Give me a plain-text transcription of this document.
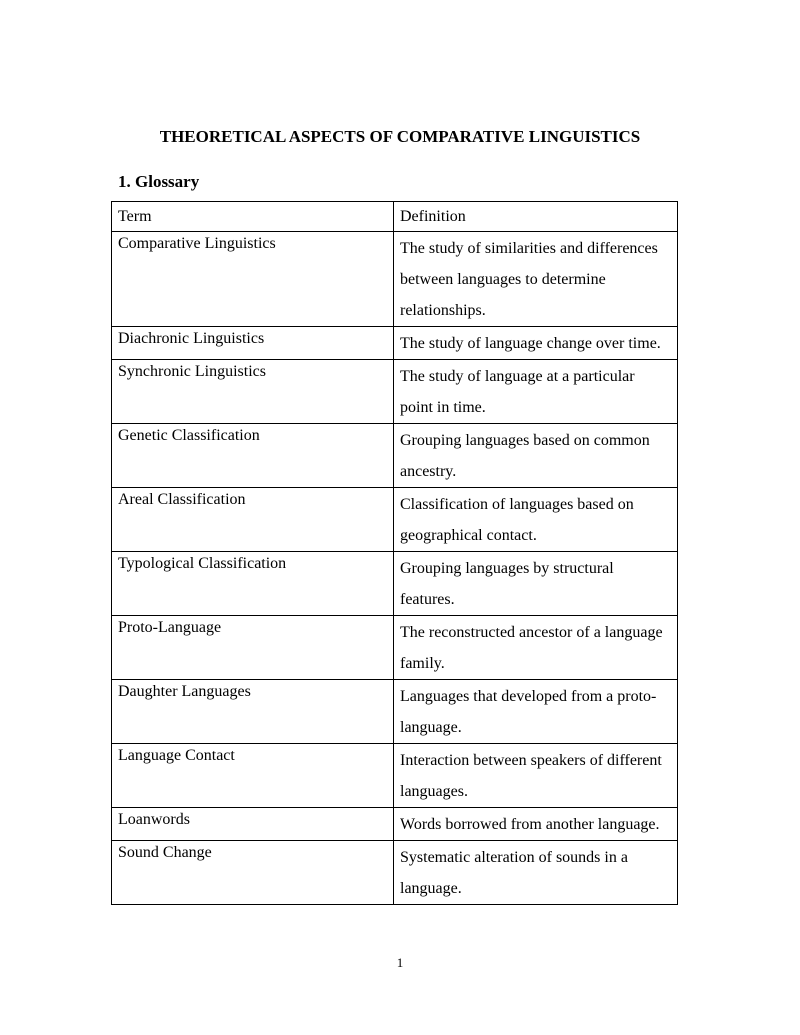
THEORETICAL ASPECTS OF COMPARATIVE LINGUISTICS
1. Glossary
Term	Definition
Comparative Linguistics	The study of similarities and differences between languages to determine relationships.
Diachronic Linguistics	The study of language change over time.
Synchronic Linguistics	The study of language at a particular point in time.
Genetic Classification	Grouping languages based on common ancestry.
Areal Classification	Classification of languages based on geographical contact.
Typological Classification	Grouping languages by structural features.
Proto-Language	The reconstructed ancestor of a language family.
Daughter Languages	Languages that developed from a proto-language.
Language Contact	Interaction between speakers of different languages.
Loanwords	Words borrowed from another language.
Sound Change	Systematic alteration of sounds in a language.
1
